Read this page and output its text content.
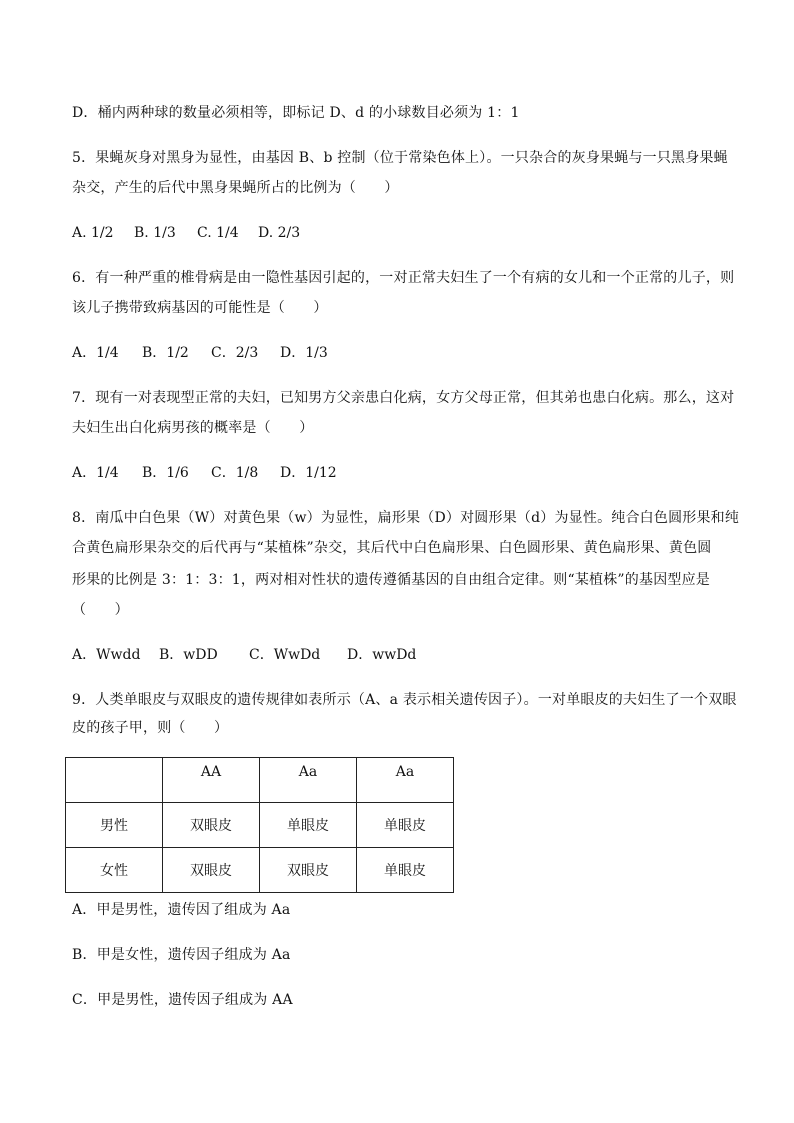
D．桶内两种球的数量必须相等，即标记 D、d 的小球数目必须为 1：1
5．果蝇灰身对黑身为显性，由基因 B、b 控制（位于常染色体上）。一只杂合的灰身果蝇与一只黑身果蝇
杂交，产生的后代中黑身果蝇所占的比例为（　　）
A. 1/2 B. 1/3 C. 1/4 D. 2/3
6．有一种严重的椎骨病是由一隐性基因引起的，一对正常夫妇生了一个有病的女儿和一个正常的儿子，则
该儿子携带致病基因的可能性是（　　）
A．1/4 B．1/2 C．2/3 D．1/3
7．现有一对表现型正常的夫妇，已知男方父亲患白化病，女方父母正常，但其弟也患白化病。那么，这对
夫妇生出白化病男孩的概率是（　　）
A．1/4 B．1/6 C．1/8 D．1/12
8．南瓜中白色果（W）对黄色果（w）为显性，扁形果（D）对圆形果（d）为显性。纯合白色圆形果和纯
合黄色扁形果杂交的后代再与“某植株”杂交，其后代中白色扁形果、白色圆形果、黄色扁形果、黄色圆
形果的比例是 3：1：3：1，两对相对性状的遗传遵循基因的自由组合定律。则“某植株”的基因型应是
（　　）
A．Wwdd B．wDD C．WwDd D．wwDd
9．人类单眼皮与双眼皮的遗传规律如表所示（A、a 表示相关遗传因子）。一对单眼皮的夫妇生了一个双眼
皮的孩子甲，则（　　）
	AA	Aa	Aa
男性	双眼皮	单眼皮	单眼皮
女性	双眼皮	双眼皮	单眼皮
A．甲是男性，遗传因了组成为 Aa
B．甲是女性，遗传因子组成为 Aa
C．甲是男性，遗传因子组成为 AA
